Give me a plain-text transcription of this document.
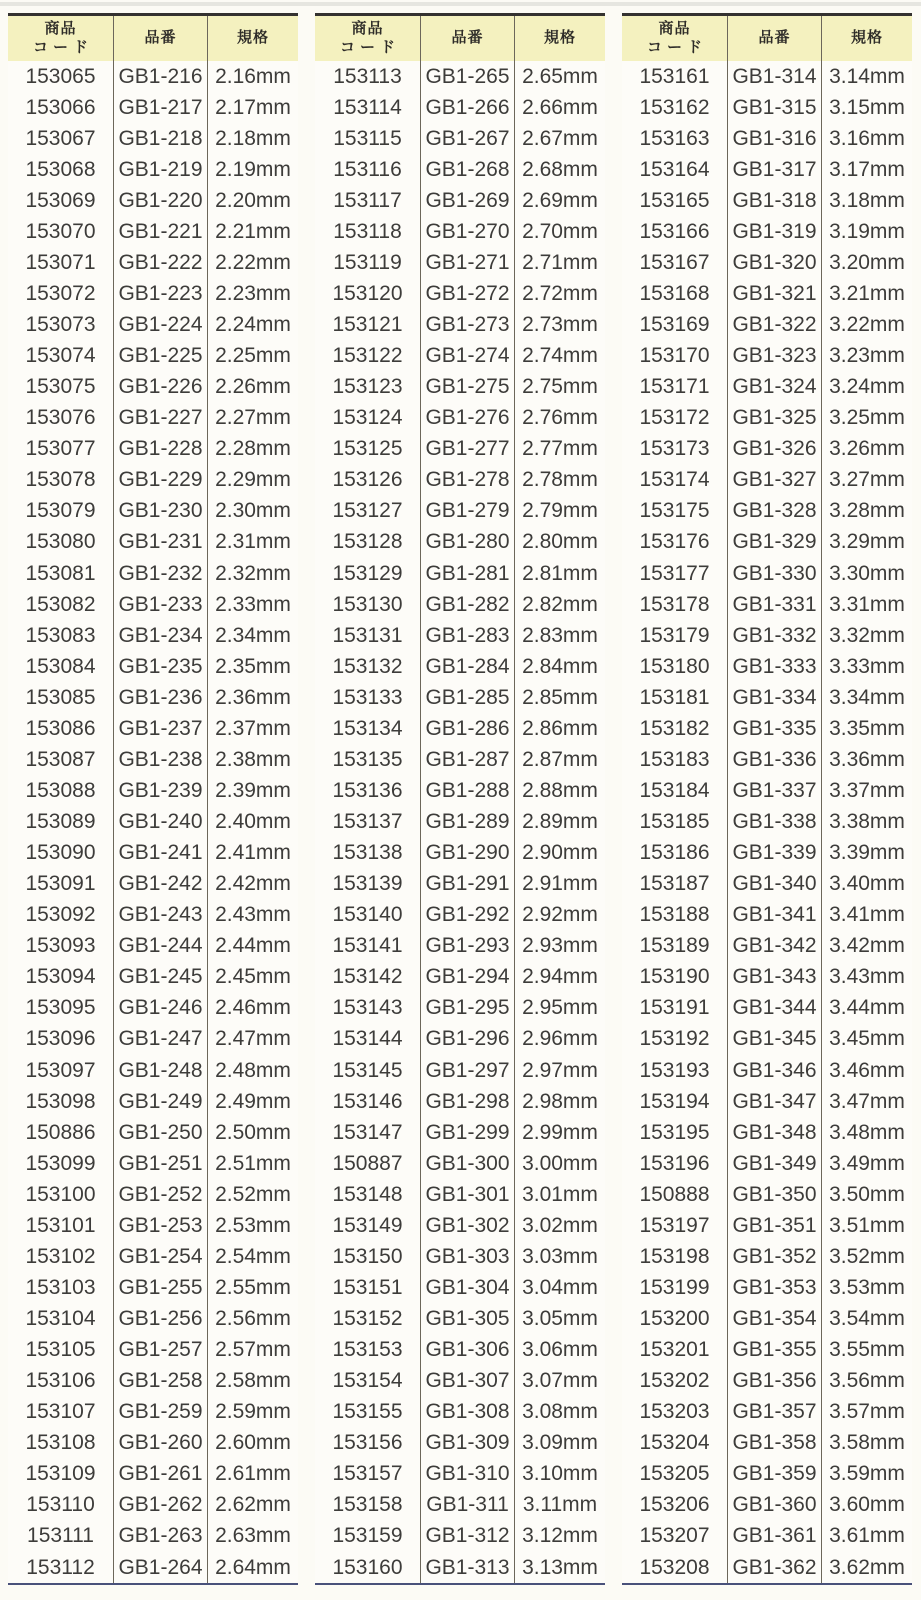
商品
コード
品番	規格
153065	GB1-216 2.16mm
153066	GB1-217 2.17mm
153067	GB1-218 2.18mm
153068	GB1-219 2.19mm
153069	GB1-220 2.20mm
153070	GB1-221 2.21mm
153071	GB1-222 2.22mm
153072	GB1-223 2.23mm
153073	GB1-224 2.24mm
153074	GB1-225 2.25mm
153075	GB1-226 2.26mm
153076	GB1-227 2.27mm
153077	GB1-228 2.28mm
153078	GB1-229 2.29mm
153079	GB1-230 2.30mm
153080	GB1-231 2.31mm
153081	GB1-232 2.32mm
153082	GB1-233 2.33mm
153083	GB1-234 2.34mm
153084	GB1-235 2.35mm
153085	GB1-236 2.36mm
153086	GB1-237 2.37mm
153087	GB1-238 2.38mm
153088	GB1-239 2.39mm
153089	GB1-240 2.40mm
153090	GB1-241 2.41mm
153091	GB1-242 2.42mm
153092	GB1-243 2.43mm
153093	GB1-244 2.44mm
153094	GB1-245 2.45mm
153095	GB1-246 2.46mm
153096	GB1-247 2.47mm
153097	GB1-248 2.48mm
153098	GB1-249 2.49mm
150886	GB1-250 2.50mm
153099	GB1-251 2.51mm
153100	GB1-252 2.52mm
153101	GB1-253 2.53mm
153102	GB1-254 2.54mm
153103	GB1-255 2.55mm
153104	GB1-256 2.56mm
153105	GB1-257 2.57mm
153106	GB1-258 2.58mm
153107	GB1-259 2.59mm
153108	GB1-260 2.60mm
153109	GB1-261 2.61mm
153110	GB1-262 2.62mm
153111	GB1-263 2.63mm
153112	GB1-264 2.64mm
商品
コード
品番	規格
153113	GB1-265 2.65mm
153114	GB1-266 2.66mm
153115	GB1-267 2.67mm
153116	GB1-268 2.68mm
153117	GB1-269 2.69mm
153118	GB1-270 2.70mm
153119	GB1-271 2.71mm
153120	GB1-272 2.72mm
153121	GB1-273 2.73mm
153122	GB1-274 2.74mm
153123	GB1-275 2.75mm
153124	GB1-276 2.76mm
153125	GB1-277 2.77mm
153126	GB1-278 2.78mm
153127	GB1-279 2.79mm
153128	GB1-280 2.80mm
153129	GB1-281 2.81mm
153130	GB1-282 2.82mm
153131	GB1-283 2.83mm
153132	GB1-284 2.84mm
153133	GB1-285 2.85mm
153134	GB1-286 2.86mm
153135	GB1-287 2.87mm
153136	GB1-288 2.88mm
153137	GB1-289 2.89mm
153138	GB1-290 2.90mm
153139	GB1-291 2.91mm
153140	GB1-292 2.92mm
153141	GB1-293 2.93mm
153142	GB1-294 2.94mm
153143	GB1-295 2.95mm
153144	GB1-296 2.96mm
153145	GB1-297 2.97mm
153146	GB1-298 2.98mm
153147	GB1-299 2.99mm
150887	GB1-300 3.00mm
153148	GB1-301 3.01mm
153149	GB1-302 3.02mm
153150	GB1-303 3.03mm
153151	GB1-304 3.04mm
153152	GB1-305 3.05mm
153153	GB1-306 3.06mm
153154	GB1-307 3.07mm
153155	GB1-308 3.08mm
153156	GB1-309 3.09mm
153157	GB1-310 3.10mm
153158	GB1-311 3.11mm
153159	GB1-312 3.12mm
153160	GB1-313 3.13mm
商品
コード
品番	規格
153161	GB1-314 3.14mm
153162	GB1-315 3.15mm
153163	GB1-316 3.16mm
153164	GB1-317 3.17mm
153165	GB1-318 3.18mm
153166	GB1-319 3.19mm
153167	GB1-320 3.20mm
153168	GB1-321 3.21mm
153169	GB1-322 3.22mm
153170	GB1-323 3.23mm
153171	GB1-324 3.24mm
153172	GB1-325 3.25mm
153173	GB1-326 3.26mm
153174	GB1-327 3.27mm
153175	GB1-328 3.28mm
153176	GB1-329 3.29mm
153177	GB1-330 3.30mm
153178	GB1-331 3.31mm
153179	GB1-332 3.32mm
153180	GB1-333 3.33mm
153181	GB1-334 3.34mm
153182	GB1-335 3.35mm
153183	GB1-336 3.36mm
153184	GB1-337 3.37mm
153185	GB1-338 3.38mm
153186	GB1-339 3.39mm
153187	GB1-340 3.40mm
153188	GB1-341 3.41mm
153189	GB1-342 3.42mm
153190	GB1-343 3.43mm
153191	GB1-344 3.44mm
153192	GB1-345 3.45mm
153193	GB1-346 3.46mm
153194	GB1-347 3.47mm
153195	GB1-348 3.48mm
153196	GB1-349 3.49mm
150888	GB1-350 3.50mm
153197	GB1-351 3.51mm
153198	GB1-352 3.52mm
153199	GB1-353 3.53mm
153200	GB1-354 3.54mm
153201	GB1-355 3.55mm
153202	GB1-356 3.56mm
153203	GB1-357 3.57mm
153204	GB1-358 3.58mm
153205	GB1-359 3.59mm
153206	GB1-360 3.60mm
153207	GB1-361 3.61mm
153208	GB1-362 3.62mm
